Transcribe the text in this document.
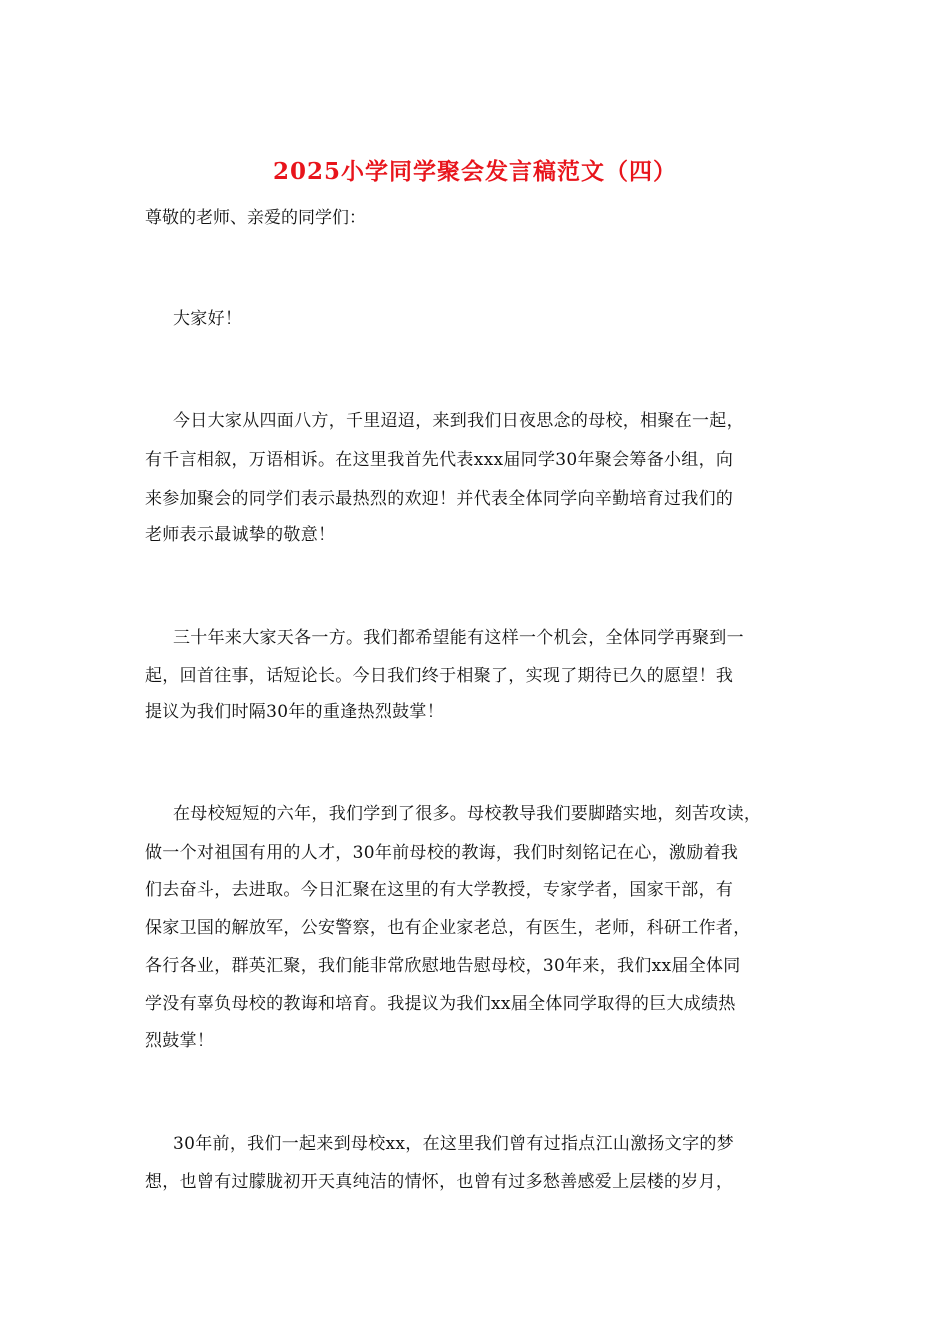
2025小学同学聚会发言稿范文（四）
尊敬的老师、亲爱的同学们：
大家好！
今日大家从四面八方，千里迢迢，来到我们日夜思念的母校，相聚在一起，
有千言相叙，万语相诉。在这里我首先代表xxx届同学30年聚会筹备小组，向
来参加聚会的同学们表示最热烈的欢迎！并代表全体同学向辛勤培育过我们的
老师表示最诚挚的敬意！
三十年来大家天各一方。我们都希望能有这样一个机会，全体同学再聚到一
起，回首往事，话短论长。今日我们终于相聚了，实现了期待已久的愿望！我
提议为我们时隔30年的重逢热烈鼓掌！
在母校短短的六年，我们学到了很多。母校教导我们要脚踏实地，刻苦攻读，
做一个对祖国有用的人才，30年前母校的教诲，我们时刻铭记在心，激励着我
们去奋斗，去进取。今日汇聚在这里的有大学教授，专家学者，国家干部，有
保家卫国的解放军，公安警察，也有企业家老总，有医生，老师，科研工作者，
各行各业，群英汇聚，我们能非常欣慰地告慰母校，30年来，我们xx届全体同
学没有辜负母校的教诲和培育。我提议为我们xx届全体同学取得的巨大成绩热
烈鼓掌！
30年前，我们一起来到母校xx，在这里我们曾有过指点江山激扬文字的梦
想，也曾有过朦胧初开天真纯洁的情怀，也曾有过多愁善感爱上层楼的岁月，
